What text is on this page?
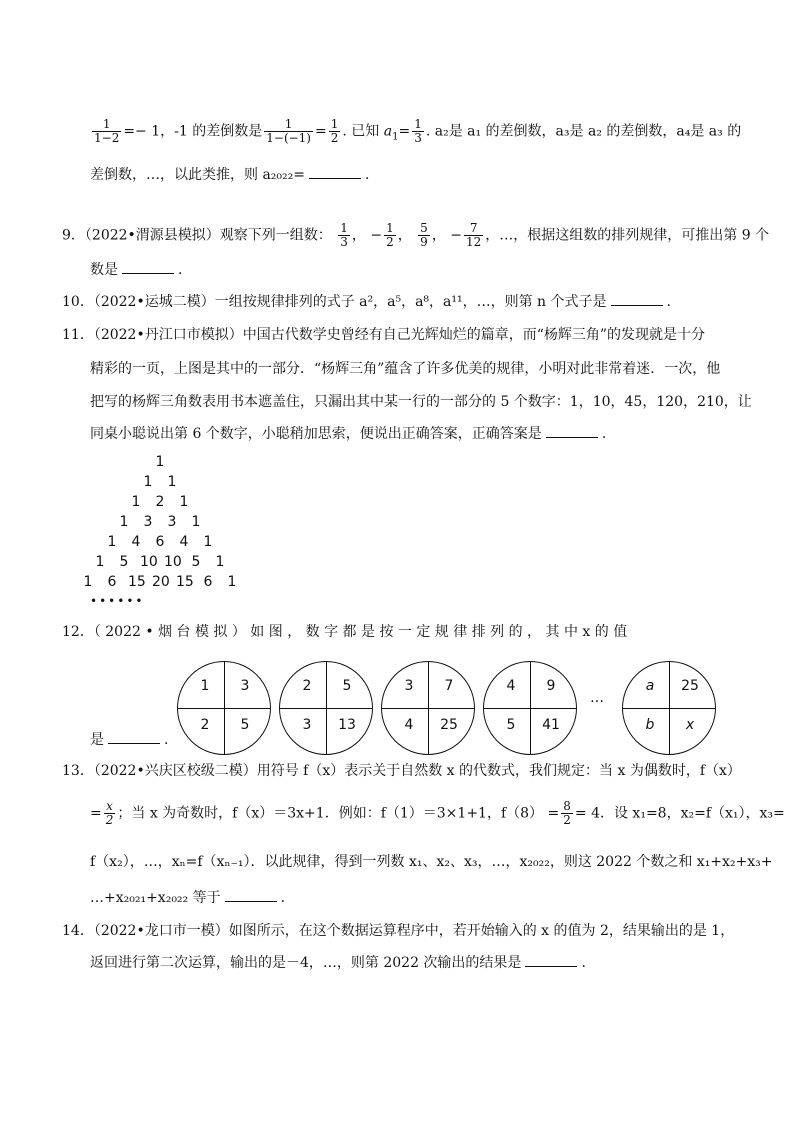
$\frac{1}{1-2} =- 1$，-1 的差倒数是 $\frac{1}{1-(-1)} = \frac{1}{2}$ . 已知 $a_1= \frac{1}{3}$ . a₂是 a₁ 的差倒数，a₃是 a₂ 的差倒数，a₄是 a₃ 的
差倒数，…，以此类推，则 a₂₀₂₂=	.
9．（2022•渭源县模拟）观察下列一组数： $\frac{1}{3}$ ， − $\frac{1}{2}$ ， $\frac{5}{9}$ ， − $\frac{7}{12}$ ，…，根据这组数的排列规律，可推出第 9 个
数是	.
10．（2022•运城二模）一组按规律排列的式子 a²，a⁵，a⁸，a¹¹，…，则第 n 个式子是	.
11．（2022•丹江口市模拟）中国古代数学史曾经有自己光辉灿烂的篇章，而“杨辉三角”的发现就是十分
精彩的一页，上图是其中的一部分．“杨辉三角”蕴含了许多优美的规律，小明对此非常着迷．一次，他
把写的杨辉三角数表用书本遮盖住，只漏出其中某一行的一部分的 5 个数字：1，10，45，120，210，让
同桌小聪说出第 6 个数字，小聪稍加思索，便说出正确答案，正确答案是	.
1
1 1
1 2 1
1 3 3 1
1 4 6 4 1
1 5 10 10 5 1
1 6 15 20 15 6 1
••••••
12．（ 2022 • 烟 台 模 拟 ） 如 图 ， 数 字 都 是 按 一 定 规 律 排 列 的 ， 其 中 x 的 值
1	3
2	5
2	5
3	13
3	7
4	25
4	9
5	41
a	25
b	x
…
是	.
13．（2022•兴庆区校级二模）用符号 f（x）表示关于自然数 x 的代数式，我们规定：当 x 为偶数时，f（x）
= $\frac{x}{2}$ ；当 x 为奇数时，f（x）＝3x+1．例如：f（1）＝3×1+1，$f(8) = \frac{8}{2} = 4$．设 x₁=8，x₂=f（x₁），x₃=
f（x₂），…，xₙ=f（xₙ₋₁）．以此规律，得到一列数 x₁、x₂、x₃，…，x₂₀₂₂，则这 2022 个数之和 x₁+x₂+x₃+
…+x₂₀₂₁+x₂₀₂₂ 等于	.
14．（2022•龙口市一模）如图所示，在这个数据运算程序中，若开始输入的 x 的值为 2，结果输出的是 1，
返回进行第二次运算，输出的是－4，…，则第 2022 次输出的结果是	.
